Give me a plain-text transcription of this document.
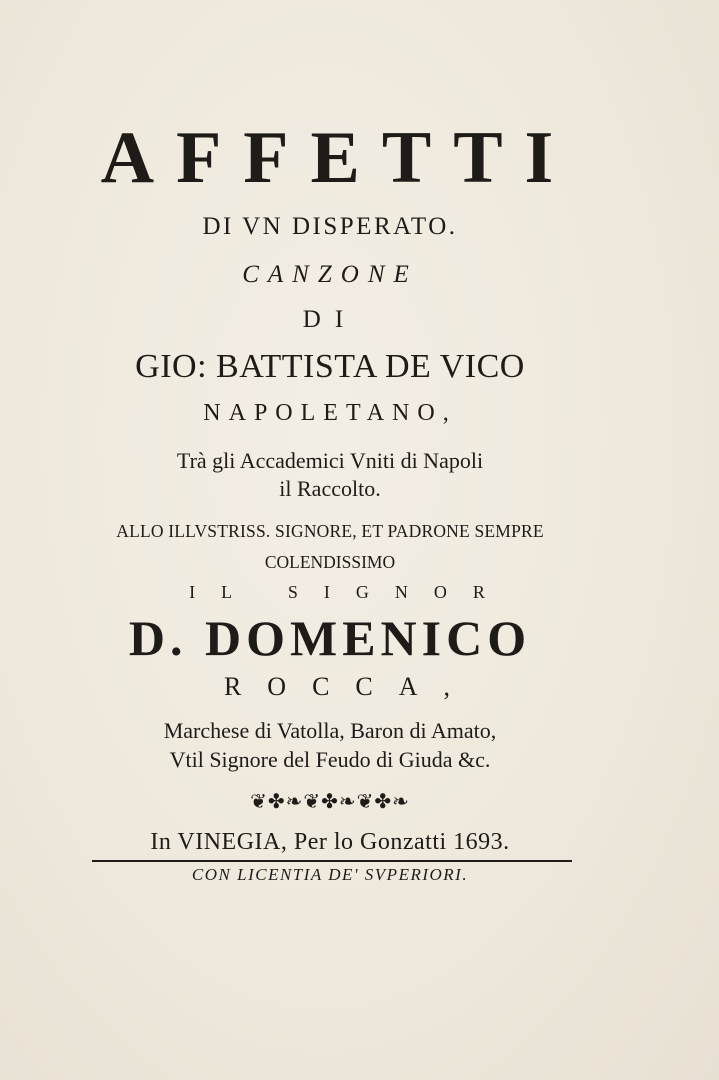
AFFETTI
DI VN DISPERATO.
CANZONE
DI
GIO: BATTISTA DE VICO
NAPOLETANO,
Trà gli Accademici Vniti di Napoli
il Raccolto.
ALLO ILLVSTRISS. SIGNORE, ET PADRONE SEMPRE
COLENDISSIMO
IL SIGNOR
D. DOMENICO
ROCCA,
Marchese di Vatolla, Baron di Amato,
Vtil Signore del Feudo di Giuda &c.
❦✤❧❦✤❧❦✤❧
In VINEGIA, Per lo Gonzatti 1693.
CON LICENTIA DE' SVPERIORI.
